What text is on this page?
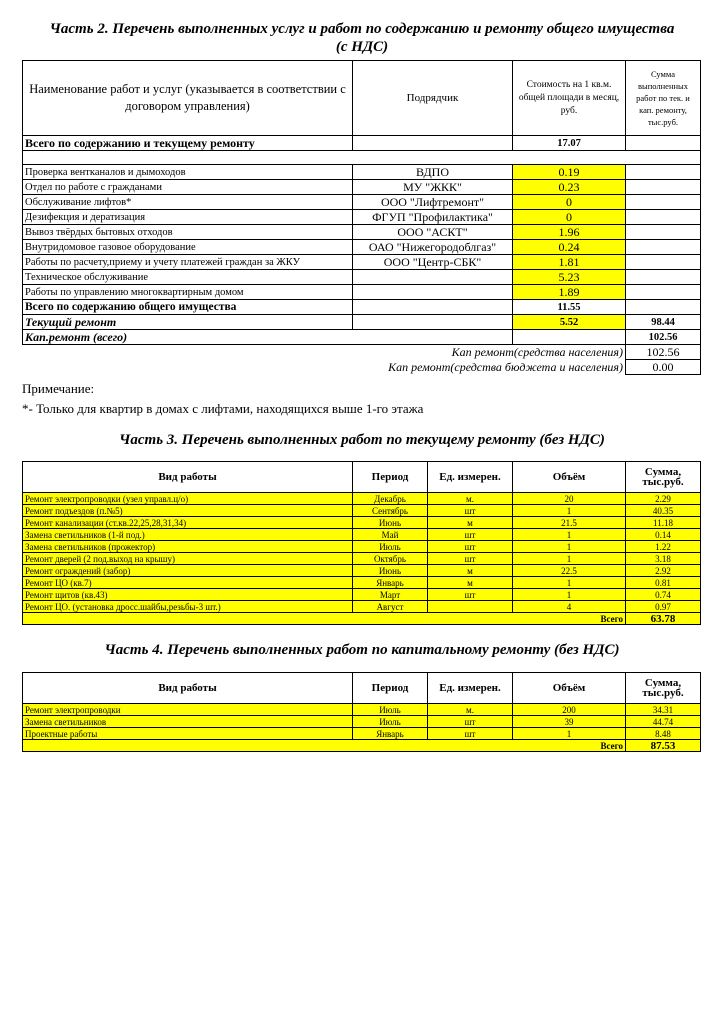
Часть 2. Перечень выполненных услуг и работ по содержанию и ремонту общего имущества

(с НДС)

Наименование работ и услуг (указывается в соответствии с договором управления)	Подрядчик	Стоимость на 1 кв.м. общей площади в месяц, руб.	Сумма выполненных работ по тек. и кап. ремонту, тыс.руб.
Всего по содержанию и текущему ремонту		17.07	

Проверка вентканалов и дымоходов	ВДПО	0.19	
Отдел по работе с гражданами	МУ "ЖКК"	0.23	
Обслуживание лифтов*	ООО "Лифтремонт"	0	
Дезифекция и дератизация	ФГУП "Профилактика"	0	
Вывоз твёрдых бытовых отходов	ООО "АСКТ"	1.96	
Внутридомовое газовое оборудование	ОАО "Нижегородоблгаз"	0.24	
Работы по расчету,приему и учету платежей граждан за ЖКУ	ООО "Центр-СБК"	1.81	
Техническое обслуживание		5.23	
Работы по управлению многоквартирным домом		1.89	
Всего по содержанию общего имущества		11.55	
Текущий ремонт		5.52	98.44
Кап.ремонт (всего)			102.56
Кап ремонт(средства населения)			102.56
Кап ремонт(средства бюджета и населения)			0.00

Примечание:

*- Только для квартир в домах с лифтами, находящихся выше 1-го этажа

Часть 3. Перечень выполненных работ по текущему ремонту (без НДС)

Вид работы	Период	Ед. измерен.	Объём	Сумма, тыс.руб.
Ремонт электропроводки (узел управл.ц/о)	Декабрь	м.	20	2.29
Ремонт подъездов (п.№5)	Сентябрь	шт	1	40.35
Ремонт канализации (ст.кв.22,25,28,31,34)	Июнь	м	21.5	11.18
Замена светильников (1-й под.)	Май	шт	1	0.14
Замена светильников (прожектор)	Июль	шт	1	1.22
Ремонт дверей (2 под.выход на крышу)	Октябрь	шт	1	3.18
Ремонт ограждений (забор)	Июнь	м	22.5	2.92
Ремонт ЦО (кв.7)	Январь	м	1	0.81
Ремонт щитов (кв.43)	Март	шт	1	0.74
Ремонт ЦО. (установка дросс.шайбы,резьбы-3 шт.)	Август		4	0.97
Всего				63.78

Часть 4. Перечень выполненных работ по капитальному ремонту (без НДС)

Вид работы	Период	Ед. измерен.	Объём	Сумма, тыс.руб.
Ремонт электропроводки	Июль	м.	200	34.31
Замена светильников	Июль	шт	39	44.74
Проектные работы	Январь	шт	1	8.48
Всего				87.53
